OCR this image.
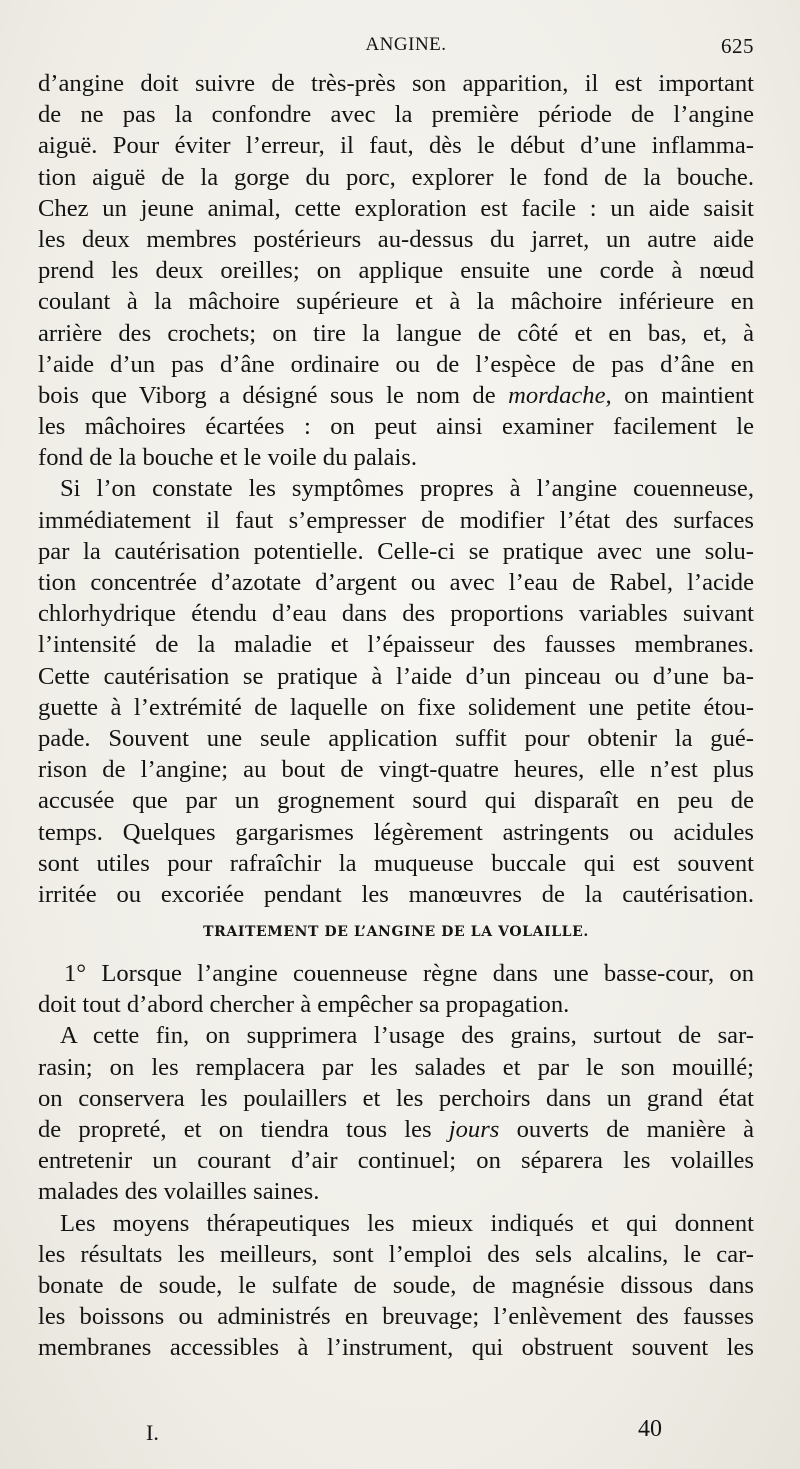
ANGINE.	625
d’angine doit suivre de très-près son apparition, il est important
de ne pas la confondre avec la première période de l’angine
aiguë. Pour éviter l’erreur, il faut, dès le début d’une inflamma-
tion aiguë de la gorge du porc, explorer le fond de la bouche.
Chez un jeune animal, cette exploration est facile : un aide saisit
les deux membres postérieurs au-dessus du jarret, un autre aide
prend les deux oreilles; on applique ensuite une corde à nœud
coulant à la mâchoire supérieure et à la mâchoire inférieure en
arrière des crochets; on tire la langue de côté et en bas, et, à
l’aide d’un pas d’âne ordinaire ou de l’espèce de pas d’âne en
bois que Viborg a désigné sous le nom de mordache, on maintient
les mâchoires écartées : on peut ainsi examiner facilement le
fond de la bouche et le voile du palais.
Si l’on constate les symptômes propres à l’angine couenneuse,
immédiatement il faut s’empresser de modifier l’état des surfaces
par la cautérisation potentielle. Celle-ci se pratique avec une solu-
tion concentrée d’azotate d’argent ou avec l’eau de Rabel, l’acide
chlorhydrique étendu d’eau dans des proportions variables suivant
l’intensité de la maladie et l’épaisseur des fausses membranes.
Cette cautérisation se pratique à l’aide d’un pinceau ou d’une ba-
guette à l’extrémité de laquelle on fixe solidement une petite étou-
pade. Souvent une seule application suffit pour obtenir la gué-
rison de l’angine; au bout de vingt-quatre heures, elle n’est plus
accusée que par un grognement sourd qui disparaît en peu de
temps. Quelques gargarismes légèrement astringents ou acidules
sont utiles pour rafraîchir la muqueuse buccale qui est souvent
irritée ou excoriée pendant les manœuvres de la cautérisation.
TRAITEMENT DE L’ANGINE DE LA VOLAILLE.
1° Lorsque l’angine couenneuse règne dans une basse-cour, on
doit tout d’abord chercher à empêcher sa propagation.
A cette fin, on supprimera l’usage des grains, surtout de sar-
rasin; on les remplacera par les salades et par le son mouillé;
on conservera les poulaillers et les perchoirs dans un grand état
de propreté, et on tiendra tous les jours ouverts de manière à
entretenir un courant d’air continuel; on séparera les volailles
malades des volailles saines.
Les moyens thérapeutiques les mieux indiqués et qui donnent
les résultats les meilleurs, sont l’emploi des sels alcalins, le car-
bonate de soude, le sulfate de soude, de magnésie dissous dans
les boissons ou administrés en breuvage; l’enlèvement des fausses
membranes accessibles à l’instrument, qui obstruent souvent les
I.	40
